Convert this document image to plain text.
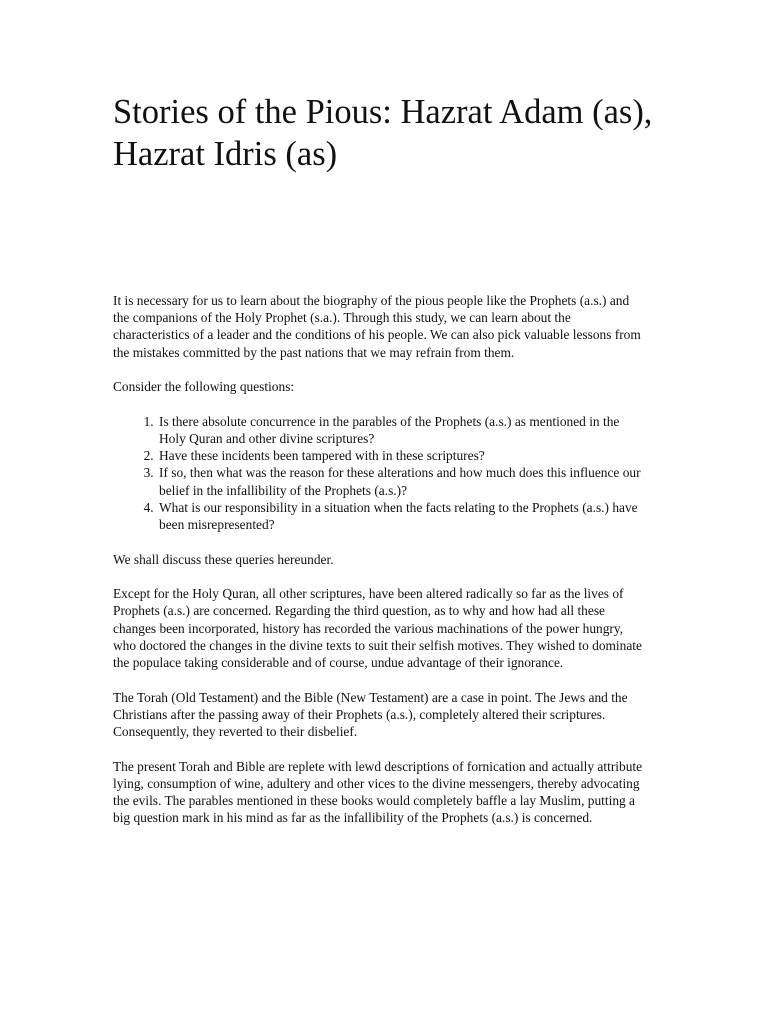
Stories of the Pious: Hazrat Adam (as), Hazrat Idris (as)

It is necessary for us to learn about the biography of the pious people like the Prophets (a.s.) and the companions of the Holy Prophet (s.a.). Through this study, we can learn about the characteristics of a leader and the conditions of his people. We can also pick valuable lessons from the mistakes committed by the past nations that we may refrain from them.

Consider the following questions:

1. Is there absolute concurrence in the parables of the Prophets (a.s.) as mentioned in the Holy Quran and other divine scriptures?
2. Have these incidents been tampered with in these scriptures?
3. If so, then what was the reason for these alterations and how much does this influence our belief in the infallibility of the Prophets (a.s.)?
4. What is our responsibility in a situation when the facts relating to the Prophets (a.s.) have been misrepresented?

We shall discuss these queries hereunder.

Except for the Holy Quran, all other scriptures, have been altered radically so far as the lives of Prophets (a.s.) are concerned. Regarding the third question, as to why and how had all these changes been incorporated, history has recorded the various machinations of the power hungry, who doctored the changes in the divine texts to suit their selfish motives. They wished to dominate the populace taking considerable and of course, undue advantage of their ignorance.

The Torah (Old Testament) and the Bible (New Testament) are a case in point. The Jews and the Christians after the passing away of their Prophets (a.s.), completely altered their scriptures. Consequently, they reverted to their disbelief.

The present Torah and Bible are replete with lewd descriptions of fornication and actually attribute lying, consumption of wine, adultery and other vices to the divine messengers, thereby advocating the evils. The parables mentioned in these books would completely baffle a lay Muslim, putting a big question mark in his mind as far as the infallibility of the Prophets (a.s.) is concerned.
